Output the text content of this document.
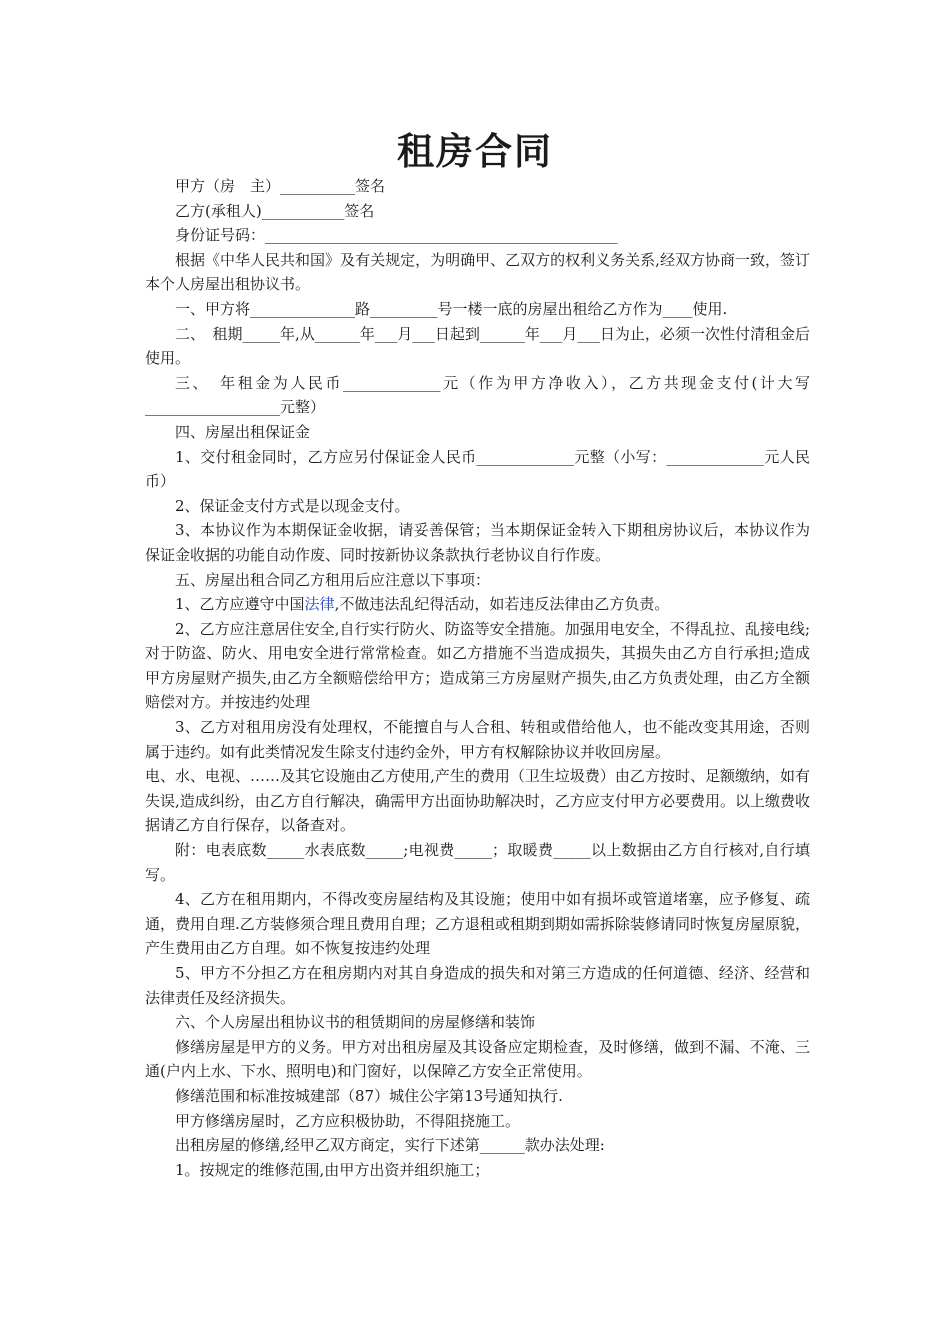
租房合同

甲方（房　主）__________签名

乙方(承租人)___________签名

身份证号码：_______________________________________________

根据《中华人民共和国》及有关规定，为明确甲、乙双方的权利义务关系,经双方协商一致，签订本个人房屋出租协议书。

一、甲方将______________路_________号一楼一底的房屋出租给乙方作为____使用.

二、　租期_____年,从______年___月___日起到______年___月___日为止，必须一次性付清租金后使用。

三、　年租金为人民币_____________元（作为甲方净收入），乙方共现金支付(计大写__________________元整）

四、房屋出租保证金

1、交付租金同时，乙方应另付保证金人民币_____________元整（小写：_____________元人民币）

2、保证金支付方式是以现金支付。

3、本协议作为本期保证金收据，请妥善保管；当本期保证金转入下期租房协议后，本协议作为保证金收据的功能自动作废、同时按新协议条款执行老协议自行作废。

五、房屋出租合同乙方租用后应注意以下事项：

1、乙方应遵守中国法律,不做违法乱纪得活动，如若违反法律由乙方负责。

2、乙方应注意居住安全,自行实行防火、防盗等安全措施。加强用电安全，不得乱拉、乱接电线;对于防盗、防火、用电安全进行常常检查。如乙方措施不当造成损失，其损失由乙方自行承担;造成甲方房屋财产损失,由乙方全额赔偿给甲方；造成第三方房屋财产损失,由乙方负责处理，由乙方全额赔偿对方。并按违约处理

3、乙方对租用房没有处理权，不能擅自与人合租、转租或借给他人，也不能改变其用途，否则属于违约。如有此类情况发生除支付违约金外，甲方有权解除协议并收回房屋。

电、水、电视、……及其它设施由乙方使用,产生的费用（卫生垃圾费）由乙方按时、足额缴纳，如有失误,造成纠纷，由乙方自行解决，确需甲方出面协助解决时，乙方应支付甲方必要费用。以上缴费收据请乙方自行保存，以备查对。

附：电表底数_____水表底数_____;电视费_____；取暖费_____以上数据由乙方自行核对,自行填写。

4、乙方在租用期内，不得改变房屋结构及其设施；使用中如有损坏或管道堵塞，应予修复、疏通，费用自理.乙方装修须合理且费用自理；乙方退租或租期到期如需拆除装修请同时恢复房屋原貌，产生费用由乙方自理。如不恢复按违约处理

5、甲方不分担乙方在租房期内对其自身造成的损失和对第三方造成的任何道德、经济、经营和法律责任及经济损失。

六、个人房屋出租协议书的租赁期间的房屋修缮和装饰

修缮房屋是甲方的义务。甲方对出租房屋及其设备应定期检查，及时修缮，做到不漏、不淹、三通(户内上水、下水、照明电)和门窗好，以保障乙方安全正常使用。

修缮范围和标准按城建部（87）城住公字第13号通知执行.

甲方修缮房屋时，乙方应积极协助，不得阻挠施工。

出租房屋的修缮,经甲乙双方商定，实行下述第______款办法处理:

1。按规定的维修范围,由甲方出资并组织施工；
